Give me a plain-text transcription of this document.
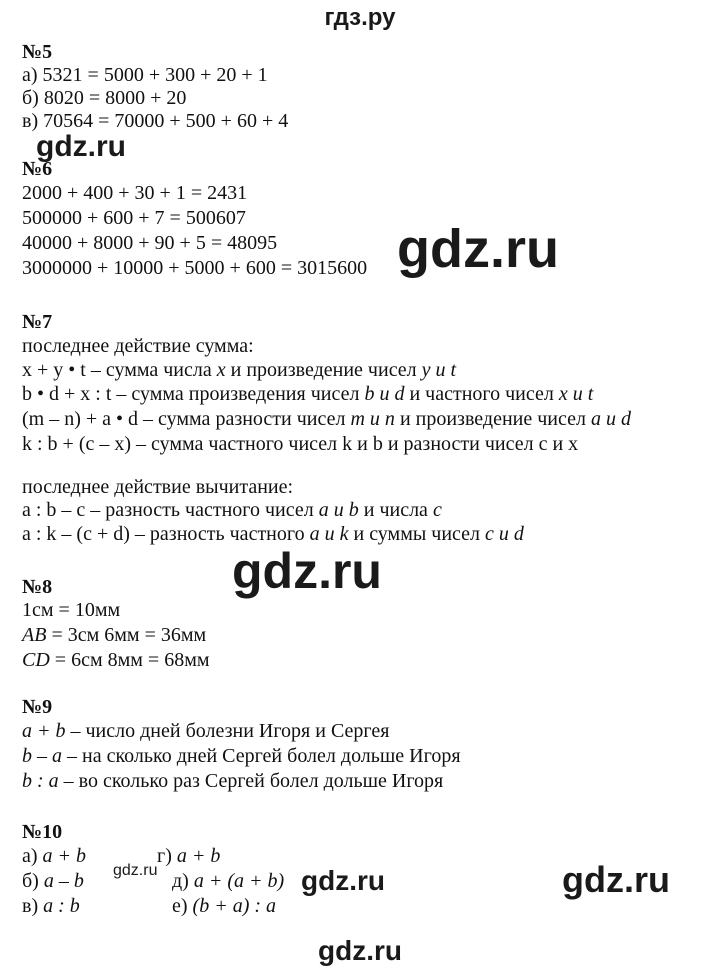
гдз.ру
№5
а) 5321 = 5000 + 300 + 20 + 1
б) 8020 = 8000 + 20
в) 70564 = 70000 + 500 + 60 + 4
№6
2000 + 400 + 30 + 1 = 2431
500000 + 600 + 7 = 500607
40000 + 8000 + 90 + 5 = 48095
3000000 + 10000 + 5000 + 600 = 3015600
№7
последнее действие сумма:
x + y • t – сумма числа x и произведение чисел y и t
b • d + x : t – сумма произведения чисел b и d и частного чисел x и t
(m – n) + a • d – сумма разности чисел m и n и произведение чисел a и d
k : b + (c – x) – сумма частного чисел k и b и разности чисел c и x
последнее действие вычитание:
a : b – c – разность частного чисел a и b и числа c
a : k – (c + d) – разность частного a и k и суммы чисел c и d
№8
1см = 10мм
AB = 3см 6мм = 36мм
CD = 6см 8мм = 68мм
№9
a + b – число дней болезни Игоря и Сергея
b – a – на сколько дней Сергей болел дольше Игоря
b : a – во сколько раз Сергей болел дольше Игоря
№10
а) a + b
б) a – b
в) a : b
г) a + b
д) a + (a + b)
е) (b + a) : a
gdz.ru
gdz.ru
gdz.ru
gdz.ru	gdz.ru	gdz.ru
gdz.ru
